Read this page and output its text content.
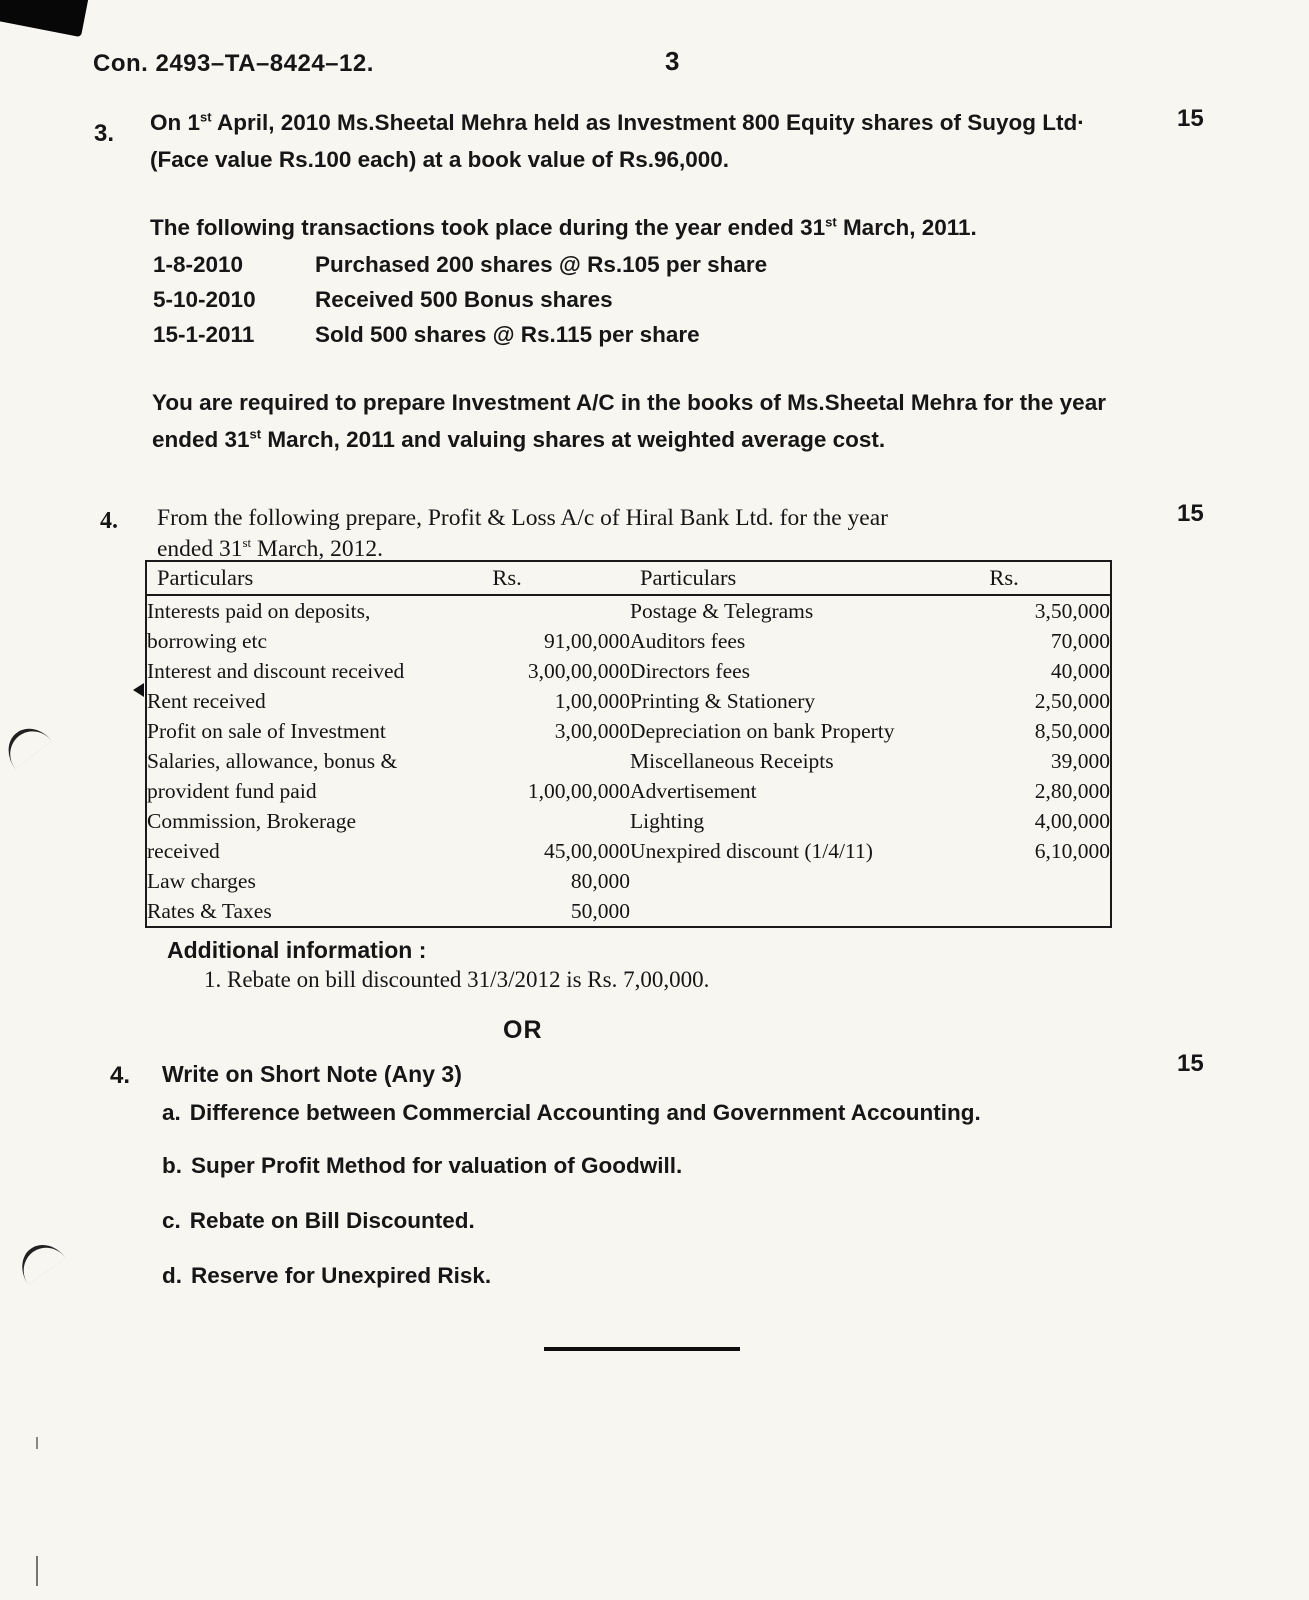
Con. 2493–TA–8424–12.	3
3.
15
On 1st April, 2010 Ms.Sheetal Mehra held as Investment 800 Equity shares of Suyog Ltd·
(Face value Rs.100 each) at a book value of Rs.96,000.
The following transactions took place during the year ended 31st March, 2011.
1-8-2010	Purchased 200 shares @ Rs.105 per share
5-10-2010	Received 500 Bonus shares
15-1-2011	Sold 500 shares @ Rs.115 per share
You are required to prepare Investment A/C in the books of Ms.Sheetal Mehra for the year
ended 31st March, 2011 and valuing shares at weighted average cost.
4.	15
From the following prepare, Profit & Loss A/c of Hiral Bank Ltd. for the year
ended 31st March, 2012.
Particulars	Rs.	Particulars	Rs.
Interests paid on deposits,		Postage & Telegrams	3,50,000
borrowing etc	91,00,000	Auditors fees	70,000
Interest and discount received	3,00,00,000	Directors fees	40,000
Rent received	1,00,000	Printing & Stationery	2,50,000
Profit on sale of Investment	3,00,000	Depreciation on bank Property	8,50,000
Salaries, allowance, bonus &		Miscellaneous Receipts	39,000
provident fund paid	1,00,00,000	Advertisement	2,80,000
Commission, Brokerage		Lighting	4,00,000
received	45,00,000	Unexpired discount (1/4/11)	6,10,000
Law charges	80,000		
Rates & Taxes	50,000		
Additional information :
1. Rebate on bill discounted 31/3/2012 is Rs. 7,00,000.
OR
4.	15
Write on Short Note (Any 3)
a. Difference between Commercial Accounting and Government Accounting.
b. Super Profit Method for valuation of Goodwill.
c. Rebate on Bill Discounted.
d. Reserve for Unexpired Risk.
